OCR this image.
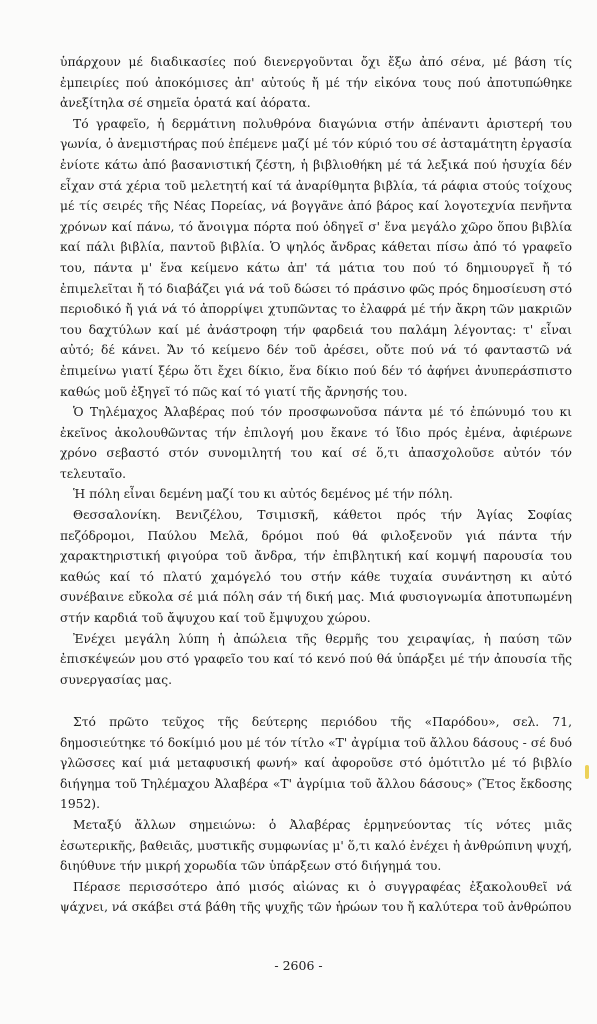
ὑπάρχουν μέ διαδικασίες πού διενεργοῦνται ὄχι ἔξω ἀπό σένα, μέ βάση τίς ἐμπειρίες πού ἀποκόμισες ἀπ' αὐτούς ἤ μέ τήν εἰκόνα τους πού ἀποτυπώθηκε ἀνεξίτηλα σέ σημεῖα ὁρατά καί ἀόρατα.

Τό γραφεῖο, ἡ δερμάτινη πολυθρόνα διαγώνια στήν ἀπέναντι ἀριστερή του γωνία, ὁ ἀνεμιστήρας πού ἐπέμενε μαζί μέ τόν κύριό του σέ ἀσταμάτητη ἐργασία ἐνίοτε κάτω ἀπό βασανιστική ζέστη, ἡ βιβλιοθήκη μέ τά λεξικά πού ἡσυχία δέν εἶχαν στά χέρια τοῦ μελετητή καί τά ἀναρίθμητα βιβλία, τά ράφια στούς τοίχους μέ τίς σειρές τῆς Νέας Πορείας, νά βογγᾶνε ἀπό βάρος καί λογοτεχνία πενῆντα χρόνων καί πάνω, τό ἄνοιγμα πόρτα πού ὁδηγεῖ σ' ἕνα μεγάλο χῶρο ὅπου βιβλία καί πάλι βιβλία, παντοῦ βιβλία. Ὁ ψηλός ἄνδρας κάθεται πίσω ἀπό τό γραφεῖο του, πάντα μ' ἕνα κείμενο κάτω ἀπ' τά μάτια του πού τό δημιουργεῖ ἤ τό ἐπιμελεῖται ἤ τό διαβάζει γιά νά τοῦ δώσει τό πράσινο φῶς πρός δημοσίευση στό περιοδικό ἤ γιά νά τό ἀπορρίψει χτυπῶντας το ἐλαφρά μέ τήν ἄκρη τῶν μακριῶν του δαχτύλων καί μέ ἀνάστροφη τήν φαρδειά του παλάμη λέγοντας: τ' εἶναι αὐτό; δέ κάνει. Ἄν τό κείμενο δέν τοῦ ἀρέσει, οὔτε πού νά τό φανταστῶ νά ἐπιμείνω γιατί ξέρω ὅτι ἔχει δίκιο, ἕνα δίκιο πού δέν τό ἀφήνει ἀνυπεράσπιστο καθώς μοῦ ἐξηγεῖ τό πῶς καί τό γιατί τῆς ἄρνησής του.

Ὁ Τηλέμαχος Ἀλαβέρας πού τόν προσφωνοῦσα πάντα μέ τό ἐπώνυμό του κι ἐκεῖνος ἀκολουθῶντας τήν ἐπιλογή μου ἔκανε τό ἴδιο πρός ἐμένα, ἀφιέρωνε χρόνο σεβαστό στόν συνομιλητή του καί σέ ὅ,τι ἀπασχολοῦσε αὐτόν τόν τελευταῖο.

Ἡ πόλη εἶναι δεμένη μαζί του κι αὐτός δεμένος μέ τήν πόλη.

Θεσσαλονίκη. Βενιζέλου, Τσιμισκῆ, κάθετοι πρός τήν Ἁγίας Σοφίας πεζόδρομοι, Παύλου Μελᾶ, δρόμοι πού θά φιλοξενοῦν γιά πάντα τήν χαρακτηριστική φιγούρα τοῦ ἄνδρα, τήν ἐπιβλητική καί κομψή παρουσία του καθώς καί τό πλατύ χαμόγελό του στήν κάθε τυχαία συνάντηση κι αὐτό συνέβαινε εὔκολα σέ μιά πόλη σάν τή δική μας. Μιά φυσιογνωμία ἀποτυπωμένη στήν καρδιά τοῦ ἄψυχου καί τοῦ ἔμψυχου χώρου.

Ἐνέχει μεγάλη λύπη ἡ ἀπώλεια τῆς θερμῆς του χειραψίας, ἡ παύση τῶν ἐπισκέψεών μου στό γραφεῖο του καί τό κενό πού θά ὑπάρξει μέ τήν ἀπουσία τῆς συνεργασίας μας.

Στό πρῶτο τεῦχος τῆς δεύτερης περιόδου τῆς «Παρόδου», σελ. 71, δημοσιεύτηκε τό δοκίμιό μου μέ τόν τίτλο «Τ' ἀγρίμια τοῦ ἄλλου δάσους - σέ δυό γλῶσσες καί μιά μεταφυσική φωνή» καί ἀφοροῦσε στό ὁμότιτλο μέ τό βιβλίο διήγημα τοῦ Τηλέμαχου Ἀλαβέρα «Τ' ἀγρίμια τοῦ ἄλλου δάσους» (Ἔτος ἔκδοσης 1952).

Μεταξύ ἄλλων σημειώνω: ὁ Ἀλαβέρας ἑρμηνεύοντας τίς νότες μιᾶς ἐσωτερικῆς, βαθειᾶς, μυστικῆς συμφωνίας μ' ὅ,τι καλό ἐνέχει ἡ ἀνθρώπινη ψυχή, διηύθυνε τήν μικρή χορωδία τῶν ὑπάρξεων στό διήγημά του.

Πέρασε περισσότερο ἀπό μισός αἰώνας κι ὁ συγγραφέας ἐξακολουθεῖ νά ψάχνει, νά σκάβει στά βάθη τῆς ψυχῆς τῶν ἡρώων του ἤ καλύτερα τοῦ ἀνθρώπου

- 2606 -
